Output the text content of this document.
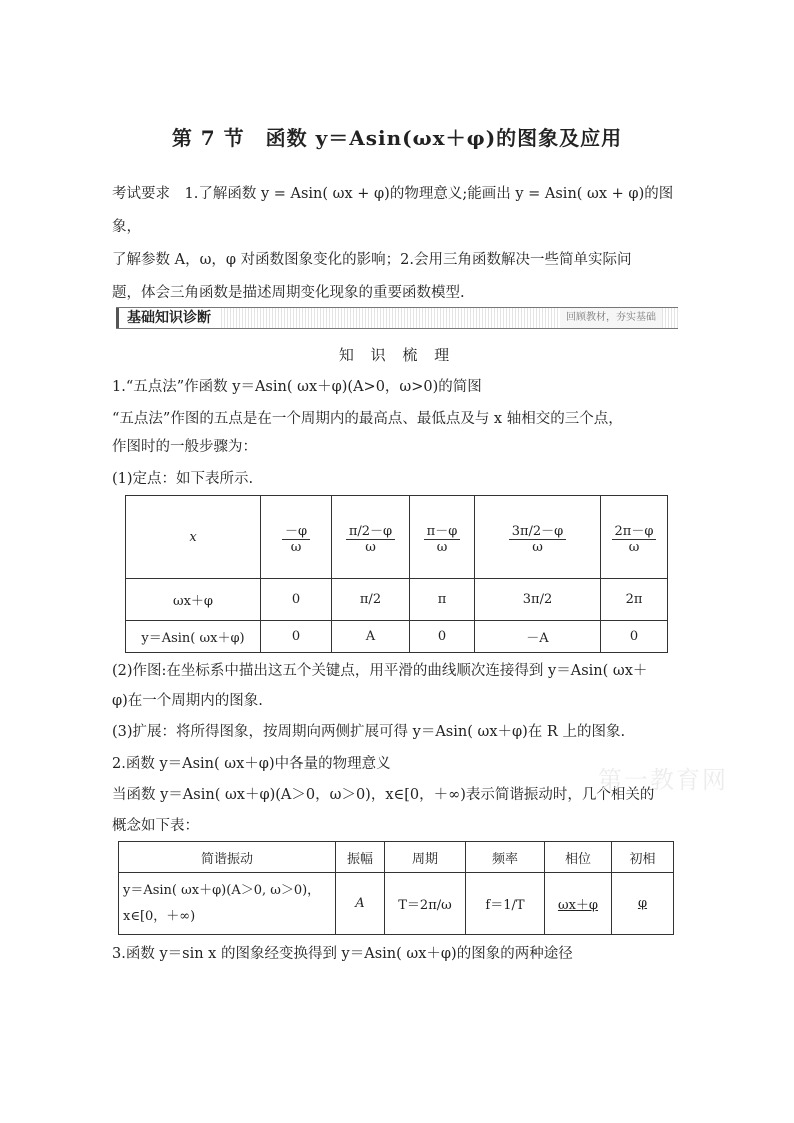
第 7 节　函数 y＝Asin(ωx＋φ)的图象及应用
考试要求　 1.了解函数 y = Asin( ωx + φ)的物理意义;能画出 y = Asin( ωx + φ)的图象，
了解参数 A，ω，φ 对函数图象变化的影响；2.会用三角函数解决一些简单实际问
题，体会三角函数是描述周期变化现象的重要函数模型.
基础知识诊断	回顾教材，夯实基础
知 识 梳 理
1.“五点法”作函数 y＝Asin( ωx＋φ)(A>0，ω>0)的简图
“五点法”作图的五点是在一个周期内的最高点、最低点及与 x 轴相交的三个点，
作图时的一般步骤为：
(1)定点：如下表所示.
x	$\frac{-\varphi}{\omega}$	$\frac{\pi/2-\varphi}{\omega}$	$\frac{\pi-\varphi}{\omega}$	$\frac{3\pi/2-\varphi}{\omega}$	$\frac{2\pi-\varphi}{\omega}$

ωx＋φ	0	π/2	π	3π/2	2π
y＝Asin( ωx＋φ)	0	A	0	－A	0
(2)作图:在坐标系中描出这五个关键点，用平滑的曲线顺次连接得到 y＝Asin( ωx＋
φ)在一个周期内的图象.
(3)扩展：将所得图象，按周期向两侧扩展可得 y＝Asin( ωx＋φ)在 R 上的图象.
2.函数 y＝Asin( ωx＋φ)中各量的物理意义
当函数 y＝Asin( ωx＋φ)(A＞0，ω＞0)，x∈[0，＋∞)表示简谐振动时，几个相关的
概念如下表：
简谐振动	振幅	周期	频率	相位	初相

y＝Asin( ωx＋φ)(A＞0, ω＞0)，
x∈[0，＋∞)	A	T＝2π/ω	f＝1/T	ωx＋φ	φ
3.函数 y＝sin x 的图象经变换得到 y＝Asin( ωx＋φ)的图象的两种途径
第一教育网
